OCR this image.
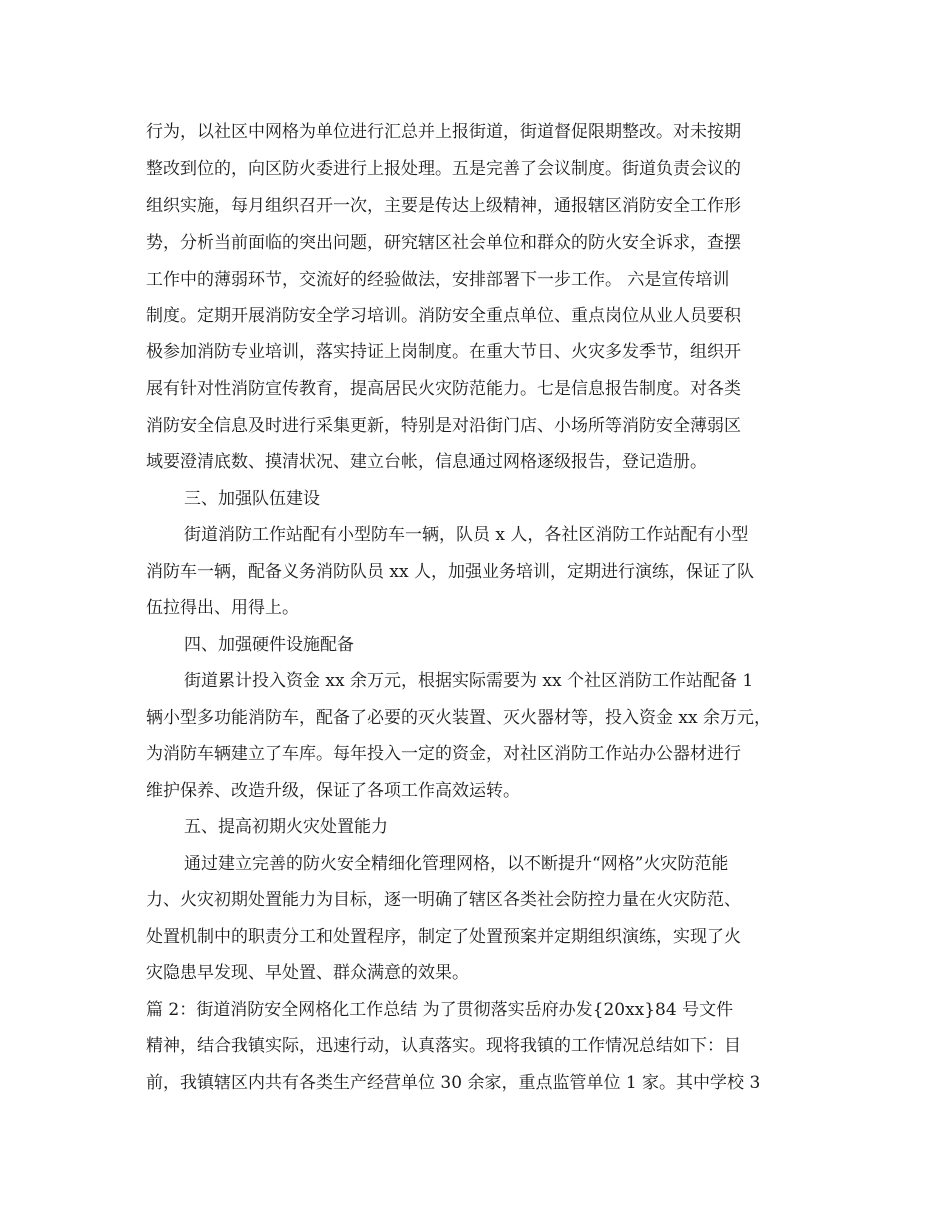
行为，以社区中网格为单位进行汇总并上报街道，街道督促限期整改。对未按期
整改到位的，向区防火委进行上报处理。五是完善了会议制度。街道负责会议的
组织实施，每月组织召开一次，主要是传达上级精神，通报辖区消防安全工作形
势，分析当前面临的突出问题，研究辖区社会单位和群众的防火安全诉求，查摆
工作中的薄弱环节，交流好的经验做法，安排部署下一步工作。 六是宣传培训
制度。定期开展消防安全学习培训。消防安全重点单位、重点岗位从业人员要积
极参加消防专业培训，落实持证上岗制度。在重大节日、火灾多发季节，组织开
展有针对性消防宣传教育，提高居民火灾防范能力。七是信息报告制度。对各类
消防安全信息及时进行采集更新，特别是对沿街门店、小场所等消防安全薄弱区
域要澄清底数、摸清状况、建立台帐，信息通过网格逐级报告，登记造册。
三、加强队伍建设
街道消防工作站配有小型防车一辆，队员 x 人，各社区消防工作站配有小型
消防车一辆，配备义务消防队员 xx 人，加强业务培训，定期进行演练，保证了队
伍拉得出、用得上。
四、加强硬件设施配备
街道累计投入资金 xx 余万元，根据实际需要为 xx 个社区消防工作站配备 1
辆小型多功能消防车，配备了必要的灭火装置、灭火器材等，投入资金 xx 余万元，
为消防车辆建立了车库。每年投入一定的资金，对社区消防工作站办公器材进行
维护保养、改造升级，保证了各项工作高效运转。
五、提高初期火灾处置能力
通过建立完善的防火安全精细化管理网格，以不断提升“网格”火灾防范能
力、火灾初期处置能力为目标，逐一明确了辖区各类社会防控力量在火灾防范、
处置机制中的职责分工和处置程序，制定了处置预案并定期组织演练，实现了火
灾隐患早发现、早处置、群众满意的效果。
篇 2：街道消防安全网格化工作总结 为了贯彻落实岳府办发{20xx}84 号文件
精神，结合我镇实际，迅速行动，认真落实。现将我镇的工作情况总结如下：目
前，我镇辖区内共有各类生产经营单位 30 余家，重点监管单位 1 家。其中学校 3
